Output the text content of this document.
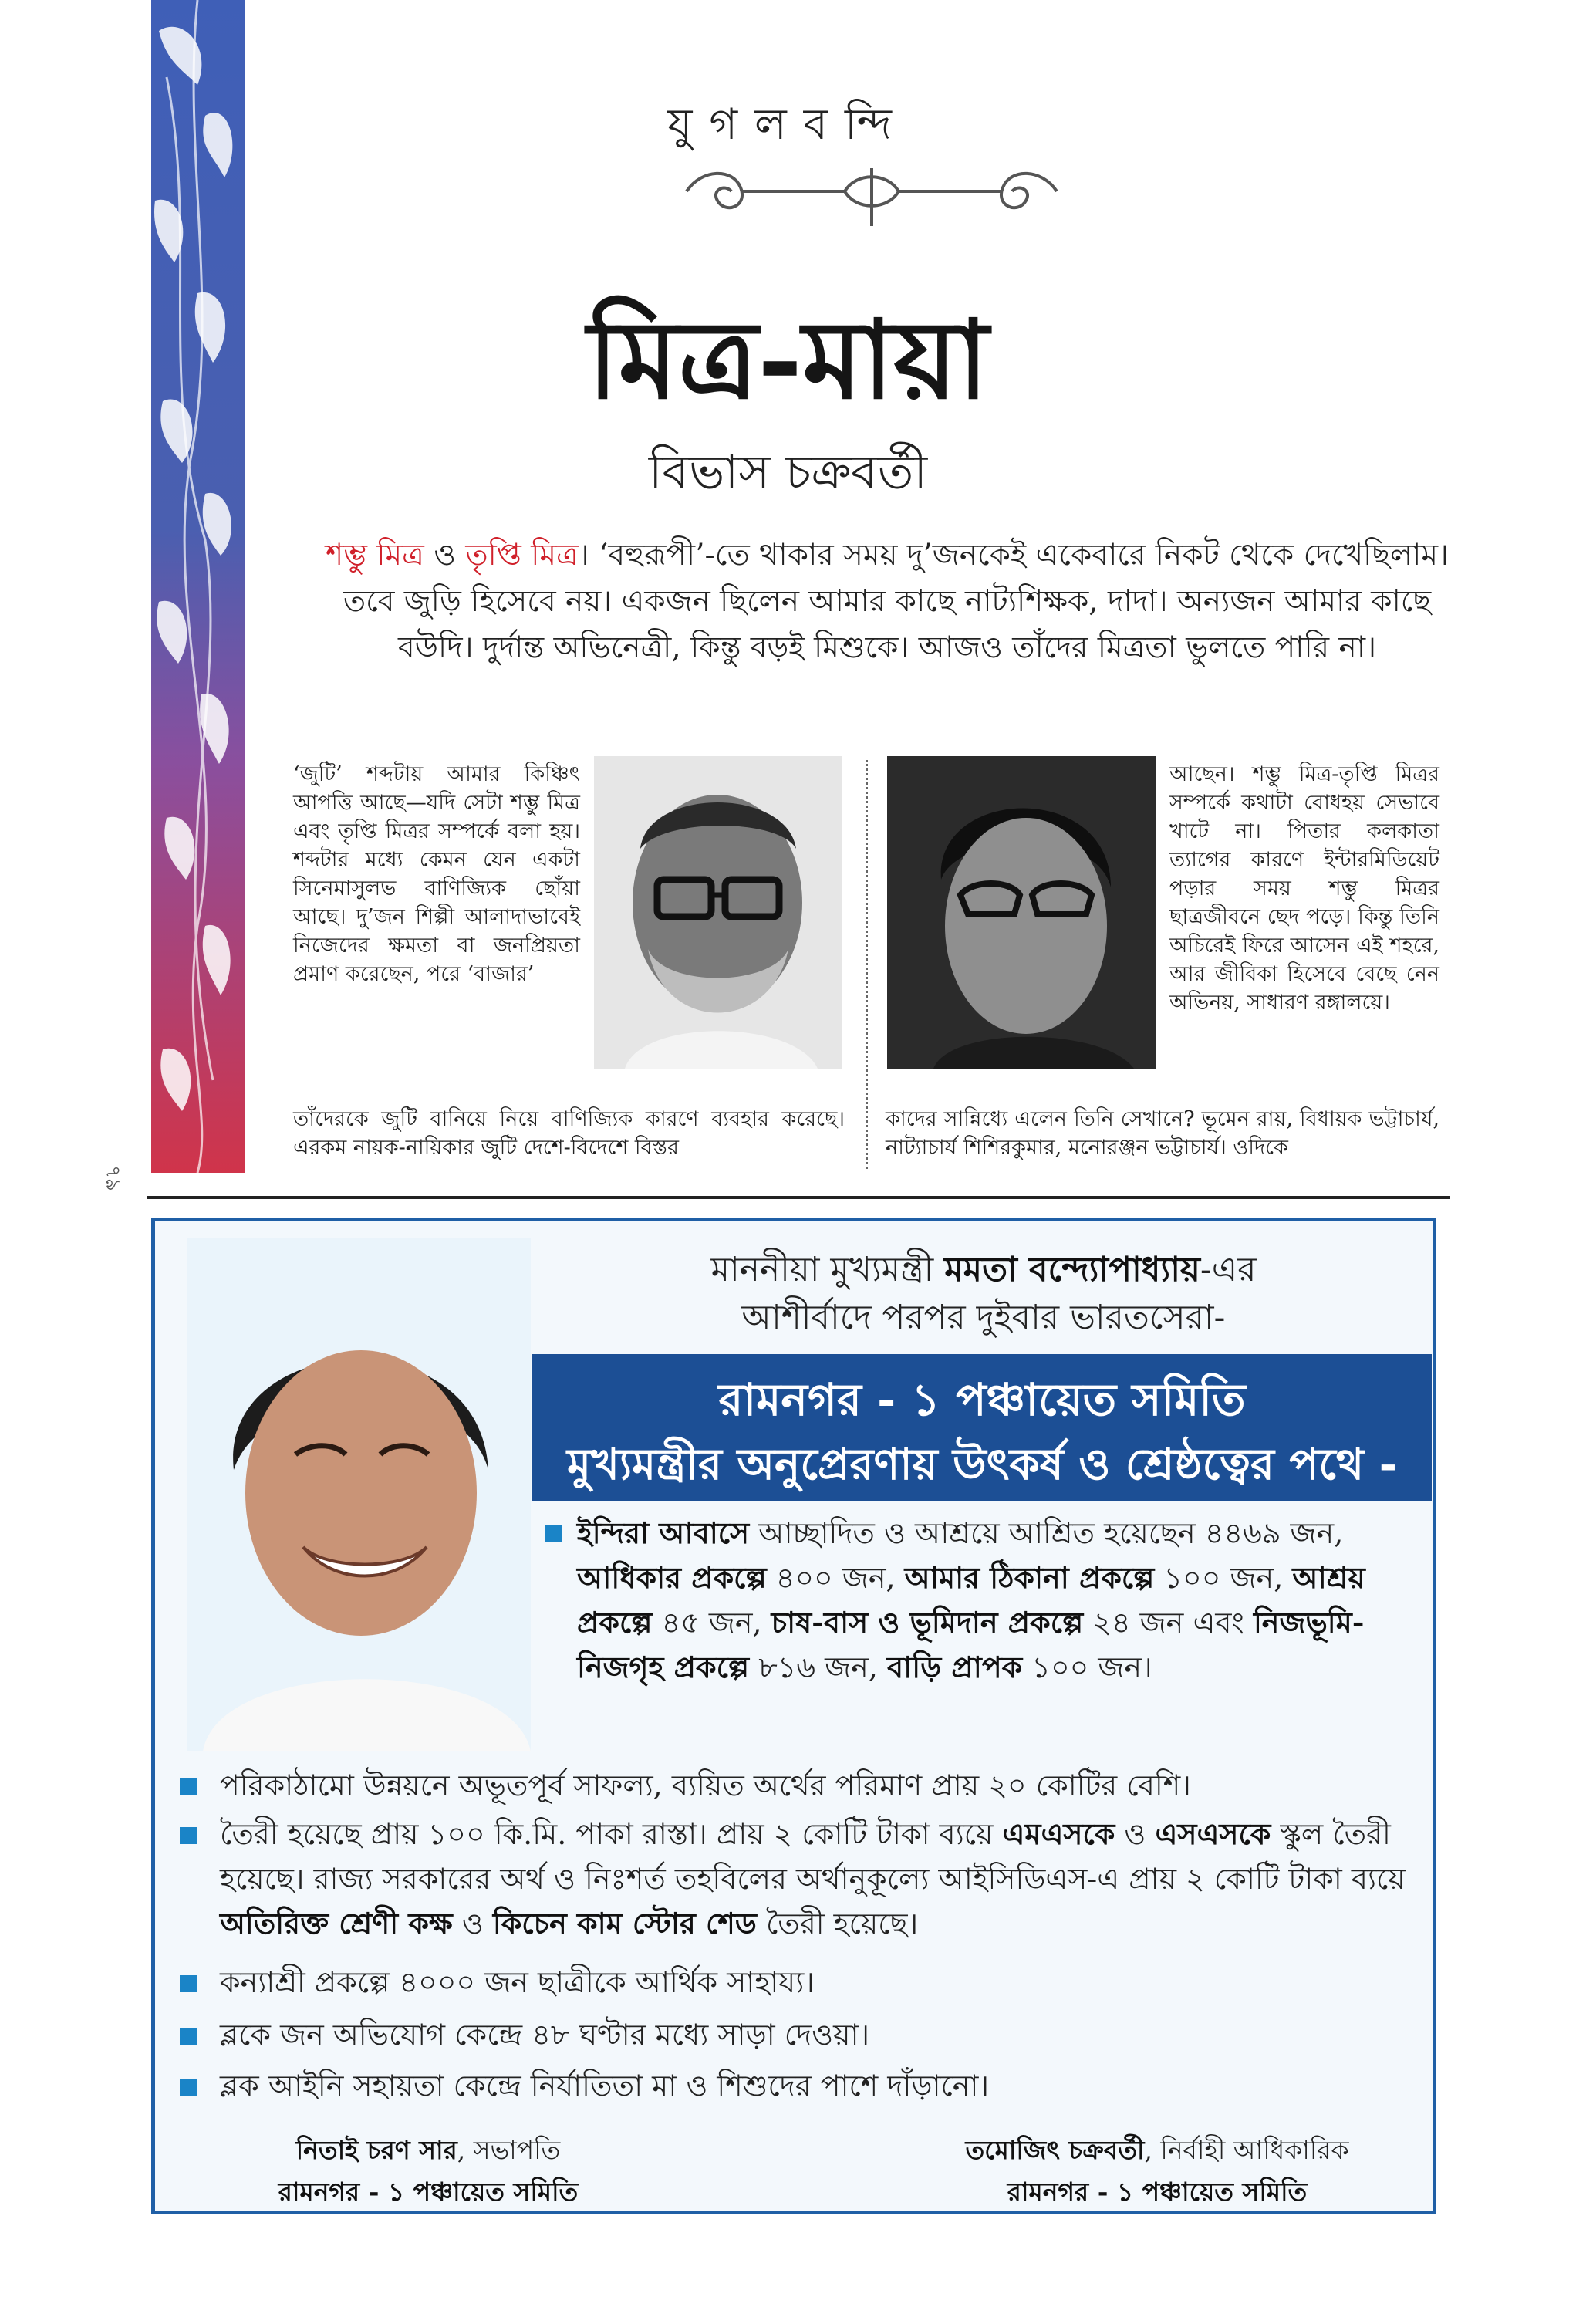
৭৯
যুগলবন্দি
মিত্র-মায়া
বিভাস চক্রবর্তী
শম্ভু মিত্র ও তৃপ্তি মিত্র। ‘বহুরূপী’-তে থাকার সময় দু’জনকেই একেবারে নিকট থেকে দেখেছিলাম। তবে জুড়ি হিসেবে নয়। একজন ছিলেন আমার কাছে নাট্যশিক্ষক, দাদা। অন্যজন আমার কাছে বউদি। দুর্দান্ত অভিনেত্রী, কিন্তু বড়ই মিশুকে। আজও তাঁদের মিত্রতা ভুলতে পারি না।
‘জুটি’ শব্দটায় আমার কিঞ্চিৎ আপত্তি আছে—যদি সেটা শম্ভু মিত্র এবং তৃপ্তি মিত্রর সম্পর্কে বলা হয়। শব্দটার মধ্যে কেমন যেন একটা সিনেমাসুলভ বাণিজ্যিক ছোঁয়া আছে। দু’জন শিল্পী আলাদাভাবেই নিজেদের ক্ষমতা বা জনপ্রিয়তা প্রমাণ করেছেন, পরে ‘বাজার’
আছেন। শম্ভু মিত্র-তৃপ্তি মিত্রর সম্পর্কে কথাটা বোধহয় সেভাবে খাটে না। পিতার কলকাতা ত্যাগের কারণে ইন্টারমিডিয়েট পড়ার সময় শম্ভু মিত্রর ছাত্রজীবনে ছেদ পড়ে। কিন্তু তিনি অচিরেই ফিরে আসেন এই শহরে, আর জীবিকা হিসেবে বেছে নেন অভিনয়, সাধারণ রঙ্গালয়ে।
তাঁদেরকে জুটি বানিয়ে নিয়ে বাণিজ্যিক কারণে ব্যবহার করেছে। এরকম নায়ক-নায়িকার জুটি দেশে-বিদেশে বিস্তর
কাদের সান্নিধ্যে এলেন তিনি সেখানে? ভূমেন রায়, বিধায়ক ভট্টাচার্য, নাট্যাচার্য শিশিরকুমার, মনোরঞ্জন ভট্টাচার্য। ওদিকে
মাননীয়া মুখ্যমন্ত্রী মমতা বন্দ্যোপাধ্যায়-এর
আশীর্বাদে পরপর দুইবার ভারতসেরা-
রামনগর - ১ পঞ্চায়েত সমিতি
মুখ্যমন্ত্রীর অনুপ্রেরণায় উৎকর্ষ ও শ্রেষ্ঠত্বের পথে -
ইন্দিরা আবাসে আচ্ছাদিত ও আশ্রয়ে আশ্রিত হয়েছেন ৪৪৬৯ জন, আধিকার প্রকল্পে ৪০০ জন, আমার ঠিকানা প্রকল্পে ১০০ জন, আশ্রয় প্রকল্পে ৪৫ জন, চাষ-বাস ও ভূমিদান প্রকল্পে ২৪ জন এবং নিজভূমি-নিজগৃহ প্রকল্পে ৮১৬ জন, বাড়ি প্রাপক ১০০ জন।
পরিকাঠামো উন্নয়নে অভূতপূর্ব সাফল্য, ব্যয়িত অর্থের পরিমাণ প্রায় ২০ কোটির বেশি।
তৈরী হয়েছে প্রায় ১০০ কি.মি. পাকা রাস্তা। প্রায় ২ কোটি টাকা ব্যয়ে এমএসকে ও এসএসকে স্কুল তৈরী হয়েছে। রাজ্য সরকারের অর্থ ও নিঃশর্ত তহবিলের অর্থানুকূল্যে আইসিডিএস-এ প্রায় ২ কোটি টাকা ব্যয়ে অতিরিক্ত শ্রেণী কক্ষ ও কিচেন কাম স্টোর শেড তৈরী হয়েছে।
কন্যাশ্রী প্রকল্পে ৪০০০ জন ছাত্রীকে আর্থিক সাহায্য।
ব্লকে জন অভিযোগ কেন্দ্রে ৪৮ ঘণ্টার মধ্যে সাড়া দেওয়া।
ব্লক আইনি সহায়তা কেন্দ্রে নির্যাতিতা মা ও শিশুদের পাশে দাঁড়ানো।
নিতাই চরণ সার, সভাপতি
রামনগর - ১ পঞ্চায়েত সমিতি
তমোজিৎ চক্রবর্তী, নির্বাহী আধিকারিক
রামনগর - ১ পঞ্চায়েত সমিতি
